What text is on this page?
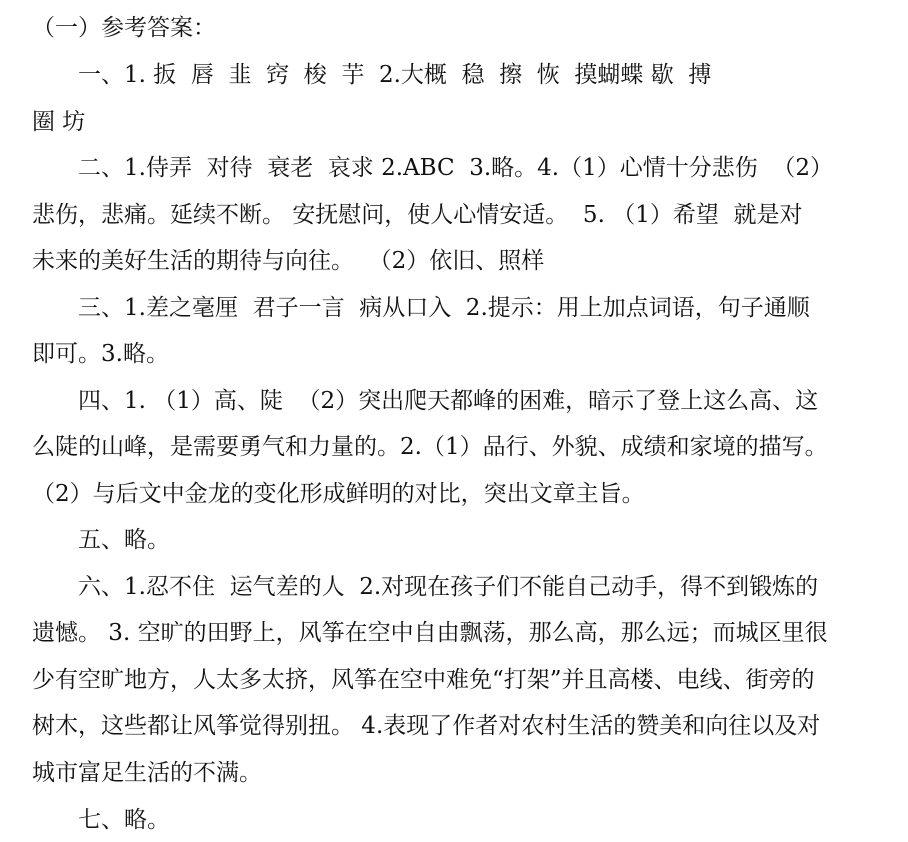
（一）参考答案：
一、1. 扳  唇  韭  窍  梭  芋  2.大概  稳  擦  恢  摸蝴蝶 歇  搏
圈 坊
二、1.侍弄  对待  衰老  哀求 2.ABC  3.略。4.（1）心情十分悲伤  （2）
悲伤，悲痛。延续不断。 安抚慰问，使人心情安适。  5. （1）希望  就是对
未来的美好生活的期待与向往。  （2）依旧、照样
三、1.差之毫厘  君子一言  病从口入  2.提示：用上加点词语，句子通顺
即可。3.略。
四、1. （1）高、陡  （2）突出爬天都峰的困难，暗示了登上这么高、这
么陡的山峰，是需要勇气和力量的。2.（1）品行、外貌、成绩和家境的描写。
（2）与后文中金龙的变化形成鲜明的对比，突出文章主旨。
五、略。
六、1.忍不住  运气差的人  2.对现在孩子们不能自己动手，得不到锻炼的
遗憾。 3. 空旷的田野上，风筝在空中自由飘荡，那么高，那么远；而城区里很
少有空旷地方，人太多太挤，风筝在空中难免“打架”并且高楼、电线、街旁的
树木，这些都让风筝觉得别扭。 4.表现了作者对农村生活的赞美和向往以及对
城市富足生活的不满。
七、略。
